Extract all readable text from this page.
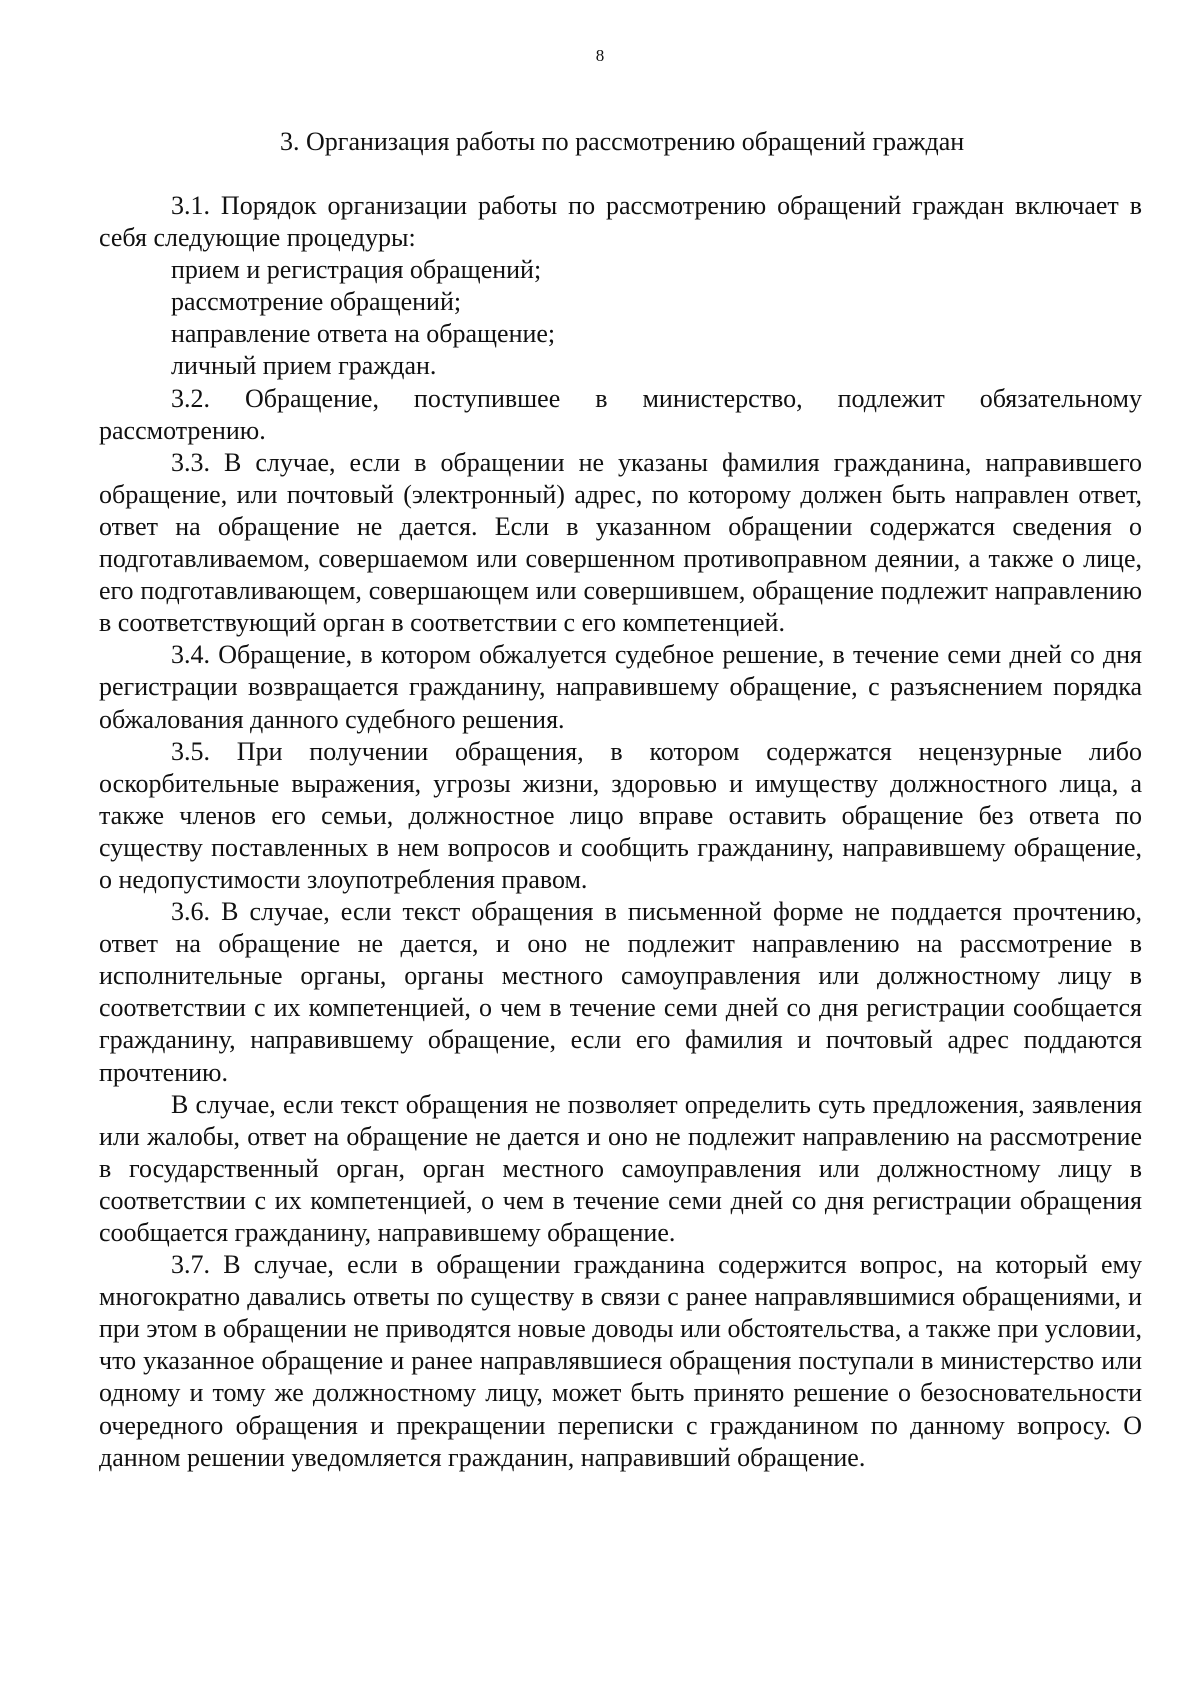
8
3. Организация работы по рассмотрению обращений граждан

3.1. Порядок организации работы по рассмотрению обращений граждан включает в себя следующие процедуры:

прием и регистрация обращений;
рассмотрение обращений;
направление ответа на обращение;
личный прием граждан.

3.2. Обращение, поступившее в министерство, подлежит обязательному рассмотрению.

3.3. В случае, если в обращении не указаны фамилия гражданина, направившего обращение, или почтовый (электронный) адрес, по которому должен быть направлен ответ, ответ на обращение не дается. Если в указанном обращении содержатся сведения о подготавливаемом, совершаемом или совершенном противоправном деянии, а также о лице, его подготавливающем, совершающем или совершившем, обращение подлежит направлению в соответствующий орган в соответствии с его компетенцией.

3.4. Обращение, в котором обжалуется судебное решение, в течение семи дней со дня регистрации возвращается гражданину, направившему обращение, с разъяснением порядка обжалования данного судебного решения.

3.5. При получении обращения, в котором содержатся нецензурные либо оскорбительные выражения, угрозы жизни, здоровью и имуществу должностного лица, а также членов его семьи, должностное лицо вправе оставить обращение без ответа по существу поставленных в нем вопросов и сообщить гражданину, направившему обращение, о недопустимости злоупотребления правом.

3.6. В случае, если текст обращения в письменной форме не поддается прочтению, ответ на обращение не дается, и оно не подлежит направлению на рассмотрение в исполнительные органы, органы местного самоуправления или должностному лицу в соответствии с их компетенцией, о чем в течение семи дней со дня регистрации сообщается гражданину, направившему обращение, если его фамилия и почтовый адрес поддаются прочтению.

В случае, если текст обращения не позволяет определить суть предложения, заявления или жалобы, ответ на обращение не дается и оно не подлежит направлению на рассмотрение в государственный орган, орган местного самоуправления или должностному лицу в соответствии с их компетенцией, о чем в течение семи дней со дня регистрации обращения сообщается гражданину, направившему обращение.

3.7. В случае, если в обращении гражданина содержится вопрос, на который ему многократно давались ответы по существу в связи с ранее направлявшимися обращениями, и при этом в обращении не приводятся новые доводы или обстоятельства, а также при условии, что указанное обращение и ранее направлявшиеся обращения поступали в министерство или одному и тому же должностному лицу, может быть принято решение о безосновательности очередного обращения и прекращении переписки с гражданином по данному вопросу. О данном решении уведомляется гражданин, направивший обращение.
